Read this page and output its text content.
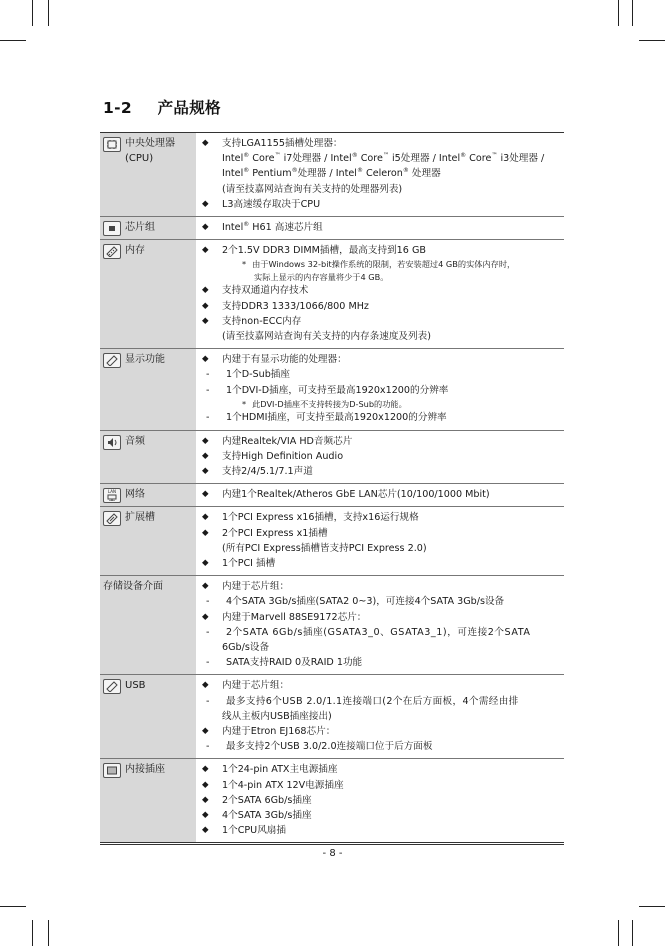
1-2 产品规格
中央处理器
(CPU)
◆	支持LGA1155插槽处理器：
Intel® Core™ i7处理器 / Intel® Core™ i5处理器 / Intel® Core™ i3处理器 /
Intel® Pentium®处理器 / Intel® Celeron® 处理器
(请至技嘉网站查询有关支持的处理器列表)
◆	L3高速缓存取决于CPU
芯片组	◆	Intel® H61 高速芯片组
内存	◆	2个1.5V DDR3 DIMM插槽，最高支持到16 GB
* 由于Windows 32-bit操作系统的限制，若安装超过4 GB的实体内存时，
实际上显示的内存容量将少于4 GB。
◆	支持双通道内存技术
◆	支持DDR3 1333/1066/800 MHz
◆	支持non-ECC内存
(请至技嘉网站查询有关支持的内存条速度及列表)
显示功能	◆	内建于有显示功能的处理器：
-	1个D-Sub插座
-	1个DVI-D插座，可支持至最高1920x1200的分辨率
* 此DVI-D插座不支持转接为D-Sub的功能。
-	1个HDMI插座，可支持至最高1920x1200的分辨率
音频	◆	内建Realtek/VIA HD音频芯片
◆	支持High Definition Audio
◆	支持2/4/5.1/7.1声道
LAN 网络	◆	内建1个Realtek/Atheros GbE LAN芯片(10/100/1000 Mbit)
扩展槽	◆	1个PCI Express x16插槽，支持x16运行规格
◆	2个PCI Express x1插槽
(所有PCI Express插槽皆支持PCI Express 2.0)
◆	1个PCI 插槽
存储设备介面	◆	内建于芯片组：
-	4个SATA 3Gb/s插座(SATA2 0~3)，可连接4个SATA 3Gb/s设备
◆	内建于Marvell 88SE9172芯片：
-	2个SATA 6Gb/s插座(GSATA3_0、GSATA3_1)，可连接2个SATA
6Gb/s设备
-	SATA支持RAID 0及RAID 1功能
USB	◆	内建于芯片组：
-	最多支持6个USB 2.0/1.1连接端口(2个在后方面板，4个需经由排
线从主板内USB插座接出)
◆	内建于Etron EJ168芯片：
-	最多支持2个USB 3.0/2.0连接端口位于后方面板
内接插座	◆	1个24-pin ATX主电源插座
◆	1个4-pin ATX 12V电源插座
◆	2个SATA 6Gb/s插座
◆	4个SATA 3Gb/s插座
◆	1个CPU风扇插
- 8 -
